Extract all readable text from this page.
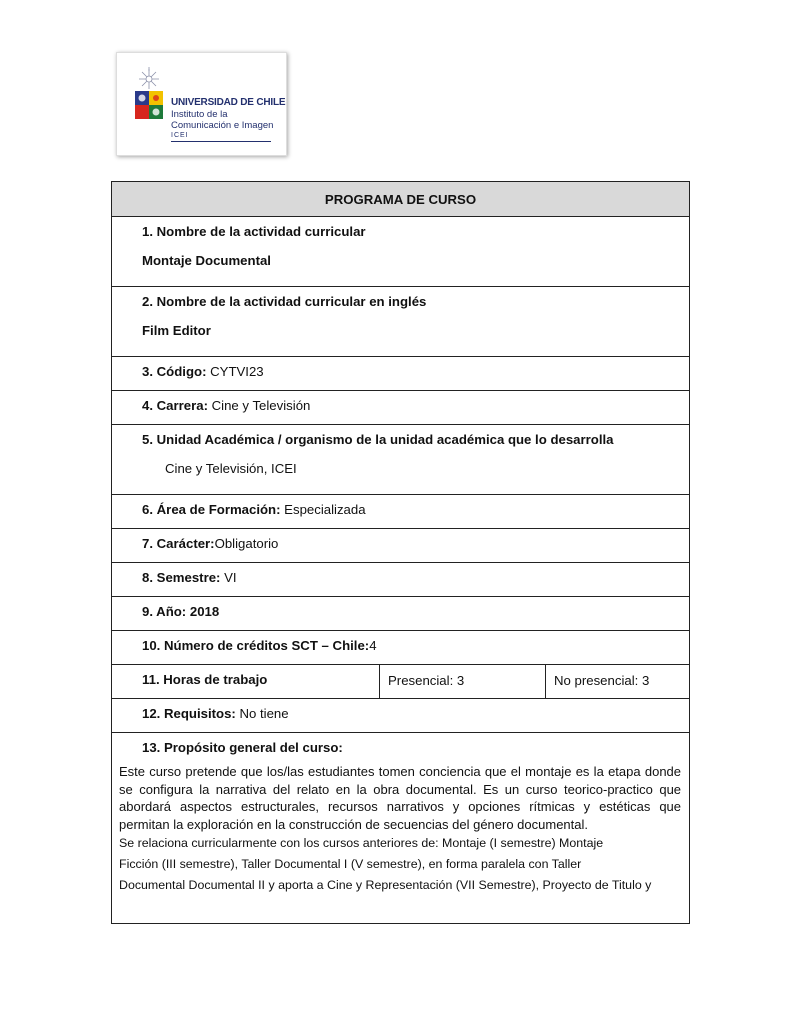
UNIVERSIDAD DE CHILE
Instituto de la
Comunicación e Imagen
ICEI
PROGRAMA DE CURSO

1. Nombre de la actividad curricular
Montaje Documental

2. Nombre de la actividad curricular en inglés
Film Editor

3. Código: CYTVI23
4. Carrera: Cine y Televisión

5. Unidad Académica / organismo de la unidad académica que lo desarrolla
Cine y Televisión, ICEI

6. Área de Formación: Especializada
7. Carácter:Obligatorio
8. Semestre: VI
9. Año: 2018
10. Número de créditos SCT – Chile:4
11. Horas de trabajo	Presencial: 3	No presencial: 3

12. Requisitos: No tiene

13. Propósito general del curso:
Este curso pretende que los/las estudiantes tomen conciencia que el montaje es la etapa donde se configura la narrativa del relato en la obra documental. Es un curso teorico-practico que abordará aspectos estructurales, recursos narrativos y opciones rítmicas y estéticas que permitan la exploración en la construcción de secuencias del género documental.
Se relaciona curricularmente con los cursos anteriores de: Montaje (I semestre) Montaje
Ficción (III semestre), Taller Documental I (V semestre), en forma paralela con Taller
Documental Documental II y aporta a Cine y Representación (VII Semestre), Proyecto de Titulo y
